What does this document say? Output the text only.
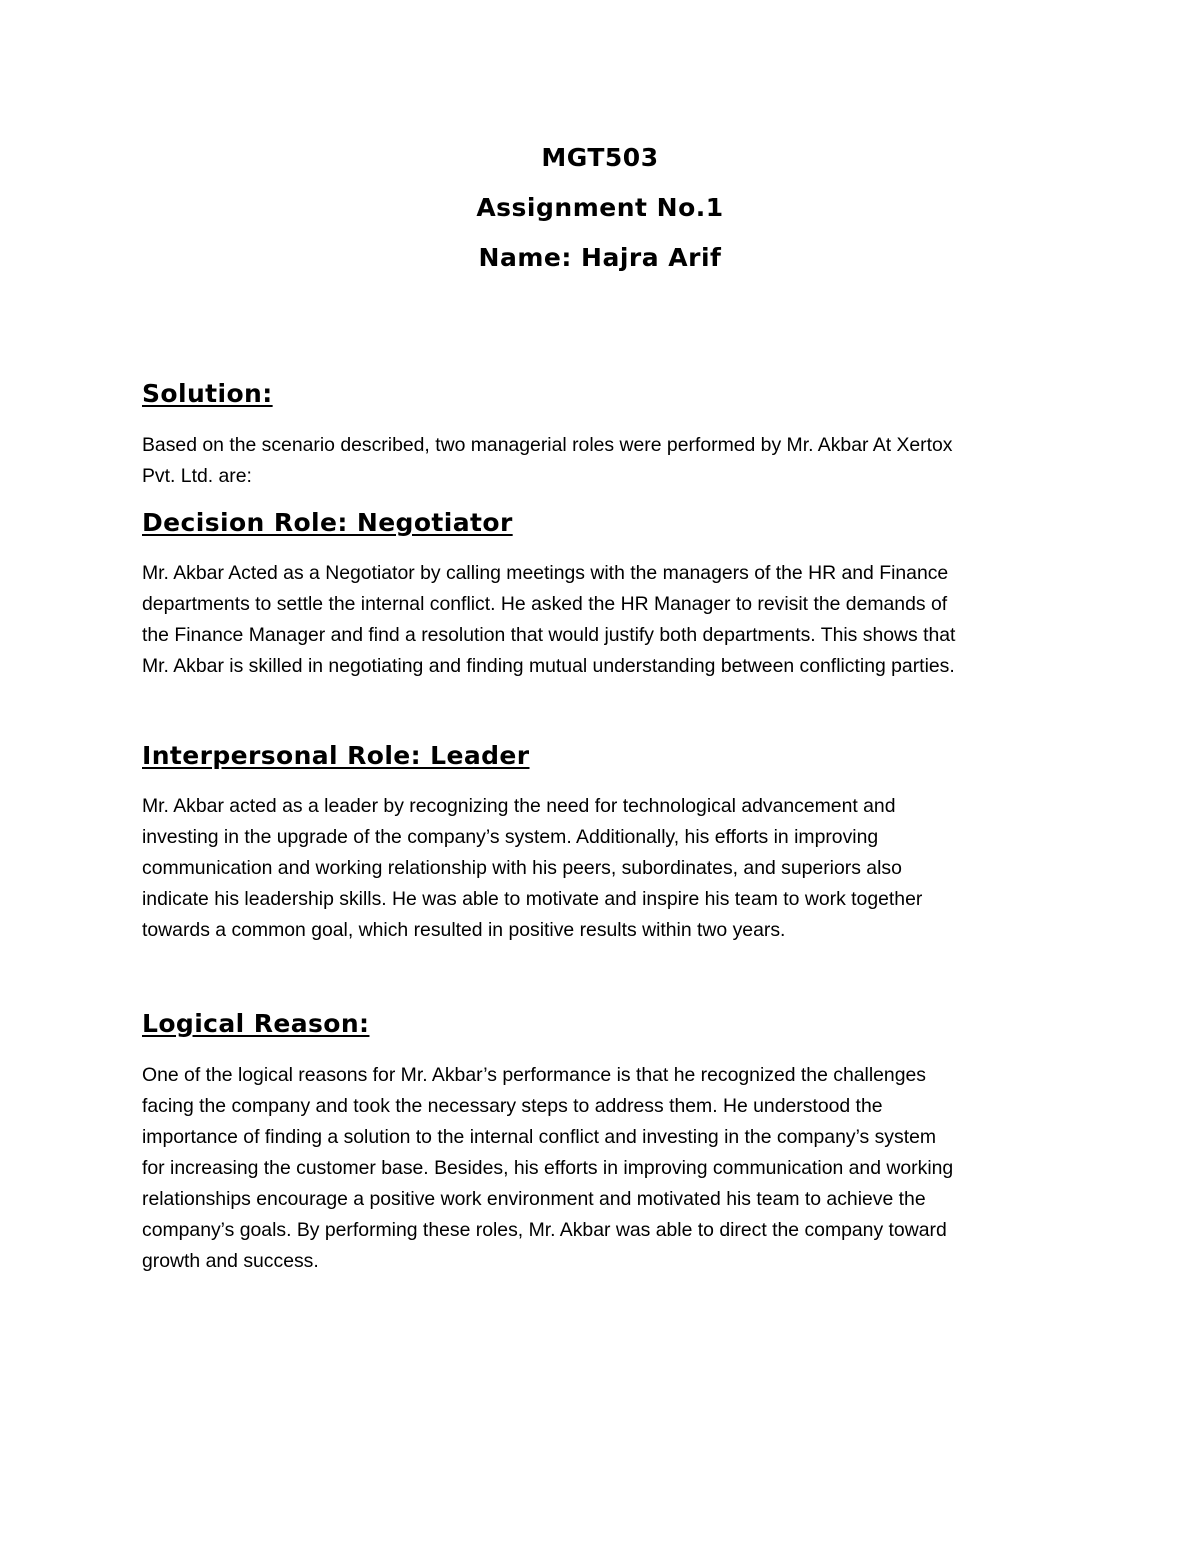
MGT503
Assignment No.1
Name: Hajra Arif
Solution:
Based on the scenario described, two managerial roles were performed by Mr. Akbar At Xertox
Pvt. Ltd. are:
Decision Role: Negotiator
Mr. Akbar Acted as a Negotiator by calling meetings with the managers of the HR and Finance
departments to settle the internal conflict. He asked the HR Manager to revisit the demands of
the Finance Manager and find a resolution that would justify both departments. This shows that
Mr. Akbar is skilled in negotiating and finding mutual understanding between conflicting parties.
Interpersonal Role: Leader
Mr. Akbar acted as a leader by recognizing the need for technological advancement and
investing in the upgrade of the company’s system. Additionally, his efforts in improving
communication and working relationship with his peers, subordinates, and superiors also
indicate his leadership skills. He was able to motivate and inspire his team to work together
towards a common goal, which resulted in positive results within two years.
Logical Reason:
One of the logical reasons for Mr. Akbar’s performance is that he recognized the challenges
facing the company and took the necessary steps to address them. He understood the
importance of finding a solution to the internal conflict and investing in the company’s system
for increasing the customer base. Besides, his efforts in improving communication and working
relationships encourage a positive work environment and motivated his team to achieve the
company’s goals. By performing these roles, Mr. Akbar was able to direct the company toward
growth and success.
